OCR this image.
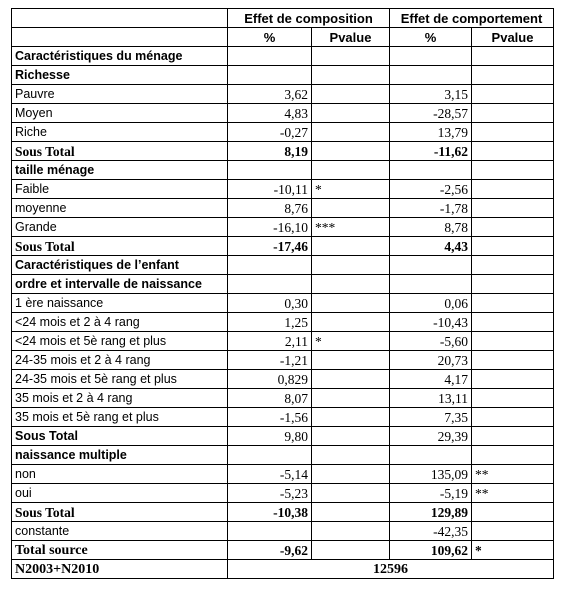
	Effet de composition		Effet de comportement	
	%	Pvalue	%	Pvalue
Caractéristiques du ménage				
Richesse				
Pauvre	3,62		3,15	
Moyen	4,83		-28,57	
Riche	-0,27		13,79	
Sous Total	8,19		-11,62	
taille ménage				
Faible	-10,11	*	-2,56	
moyenne	8,76		-1,78	
Grande	-16,10	***	8,78	
Sous Total	-17,46		4,43	
Caractéristiques de l’enfant				
ordre et intervalle de naissance				
1 ère naissance	0,30		0,06	
<24 mois et 2 à 4 rang	1,25		-10,43	
<24 mois et 5è rang et plus	2,11	*	-5,60	
24-35 mois et 2 à 4 rang	-1,21		20,73	
24-35 mois et 5è rang et plus	0,829		4,17	
35 mois et 2 à 4 rang	8,07		13,11	
35 mois et 5è rang et plus	-1,56		7,35	
Sous Total	9,80		29,39	
naissance multiple				
non	-5,14		135,09	**
oui	-5,23		-5,19	**
Sous Total	-10,38		129,89	
constante			-42,35	
Total source	-9,62		109,62	*
N2003+N2010	12596			
